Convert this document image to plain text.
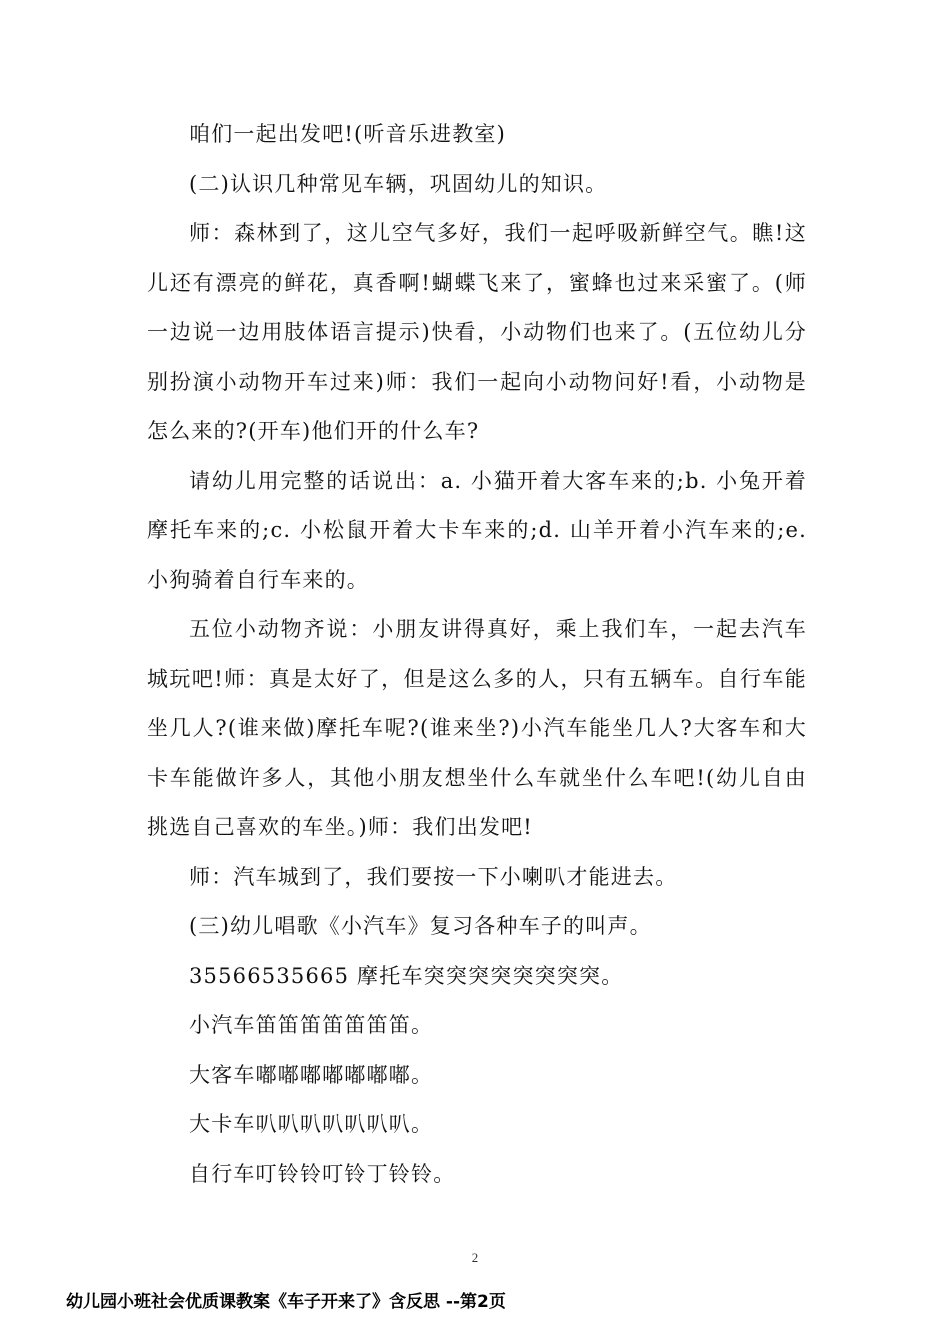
咱们一起出发吧!(听音乐进教室)

(二)认识几种常见车辆，巩固幼儿的知识。

师：森林到了，这儿空气多好，我们一起呼吸新鲜空气。瞧!这儿还有漂亮的鲜花，真香啊!蝴蝶飞来了，蜜蜂也过来采蜜了。(师一边说一边用肢体语言提示)快看，小动物们也来了。(五位幼儿分别扮演小动物开车过来)师：我们一起向小动物问好!看，小动物是怎么来的?(开车)他们开的什么车?

请幼儿用完整的话说出：a. 小猫开着大客车来的;b. 小兔开着摩托车来的;c. 小松鼠开着大卡车来的;d. 山羊开着小汽车来的;e. 小狗骑着自行车来的。

五位小动物齐说：小朋友讲得真好，乘上我们车，一起去汽车城玩吧!师：真是太好了，但是这么多的人，只有五辆车。自行车能坐几人?(谁来做)摩托车呢?(谁来坐?)小汽车能坐几人?大客车和大卡车能做许多人，其他小朋友想坐什么车就坐什么车吧!(幼儿自由挑选自己喜欢的车坐。)师：我们出发吧!

师：汽车城到了，我们要按一下小喇叭才能进去。

(三)幼儿唱歌《小汽车》复习各种车子的叫声。

35566535665 摩托车突突突突突突突突。

小汽车笛笛笛笛笛笛笛。

大客车嘟嘟嘟嘟嘟嘟嘟。

大卡车叭叭叭叭叭叭叭。

自行车叮铃铃叮铃丁铃铃。

2
幼儿园小班社会优质课教案《车子开来了》含反思 --第2页
